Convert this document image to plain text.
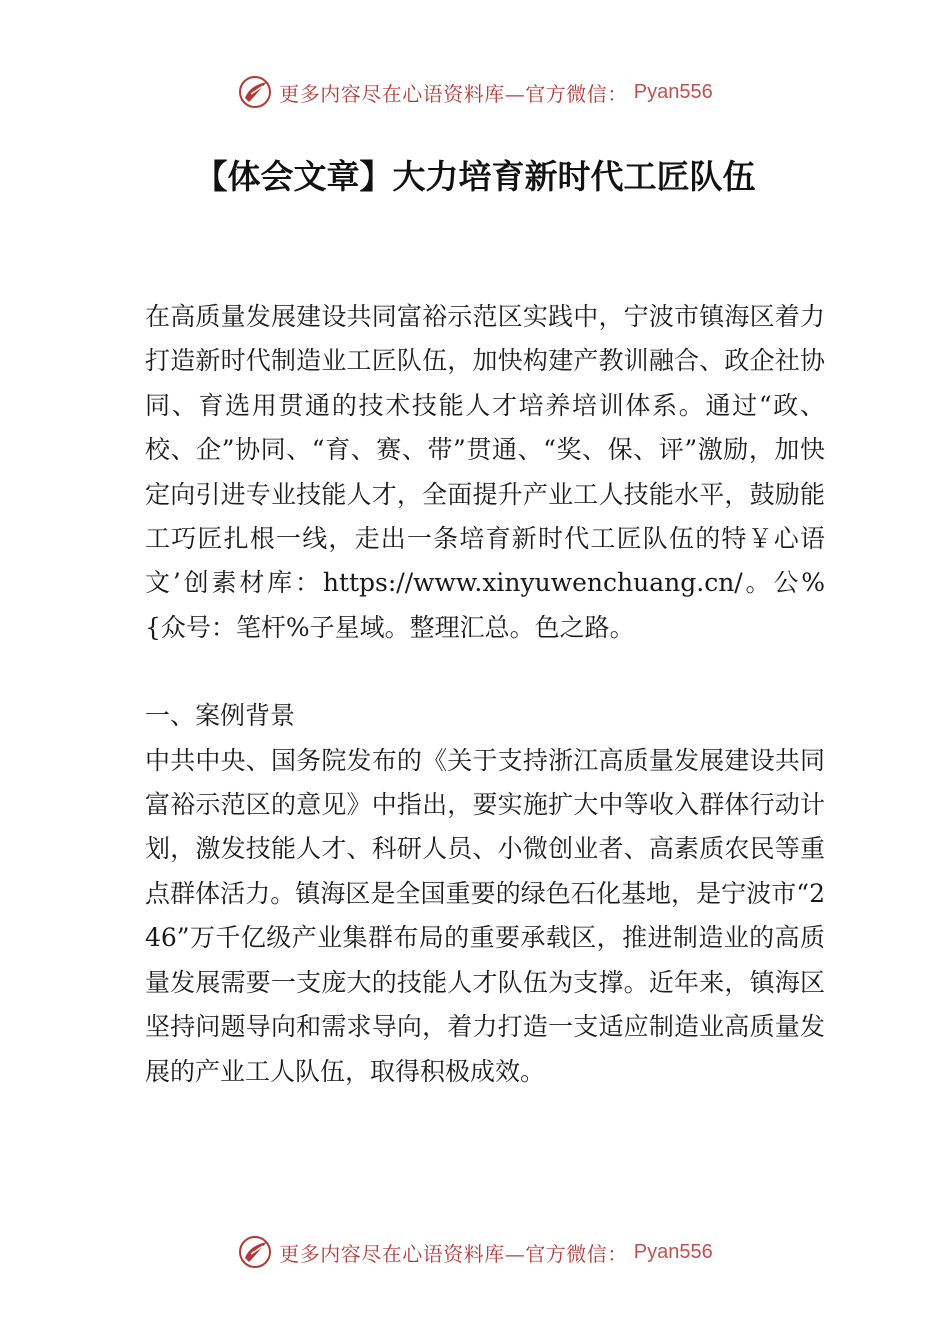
更多内容尽在心语资料库—官方微信： Pyan556
【体会文章】大力培育新时代工匠队伍

在高质量发展建设共同富裕示范区实践中，宁波市镇海区着力打造新时代制造业工匠队伍，加快构建产教训融合、政企社协同、育选用贯通的技术技能人才培养培训体系。通过“政、校、企”协同、“育、赛、带”贯通、“奖、保、评”激励，加快定向引进专业技能人才，全面提升产业工人技能水平，鼓励能工巧匠扎根一线，走出一条培育新时代工匠队伍的特￥心语文’创素材库：https://www.xinyuwenchuang.cn/。公%{众号：笔杆%子星域。整理汇总。色之路。

一、案例背景

中共中央、国务院发布的《关于支持浙江高质量发展建设共同富裕示范区的意见》中指出，要实施扩大中等收入群体行动计划，激发技能人才、科研人员、小微创业者、高素质农民等重点群体活力。镇海区是全国重要的绿色石化基地，是宁波市“246”万千亿级产业集群布局的重要承载区，推进制造业的高质量发展需要一支庞大的技能人才队伍为支撑。近年来，镇海区坚持问题导向和需求导向，着力打造一支适应制造业高质量发展的产业工人队伍，取得积极成效。

更多内容尽在心语资料库—官方微信： Pyan556
